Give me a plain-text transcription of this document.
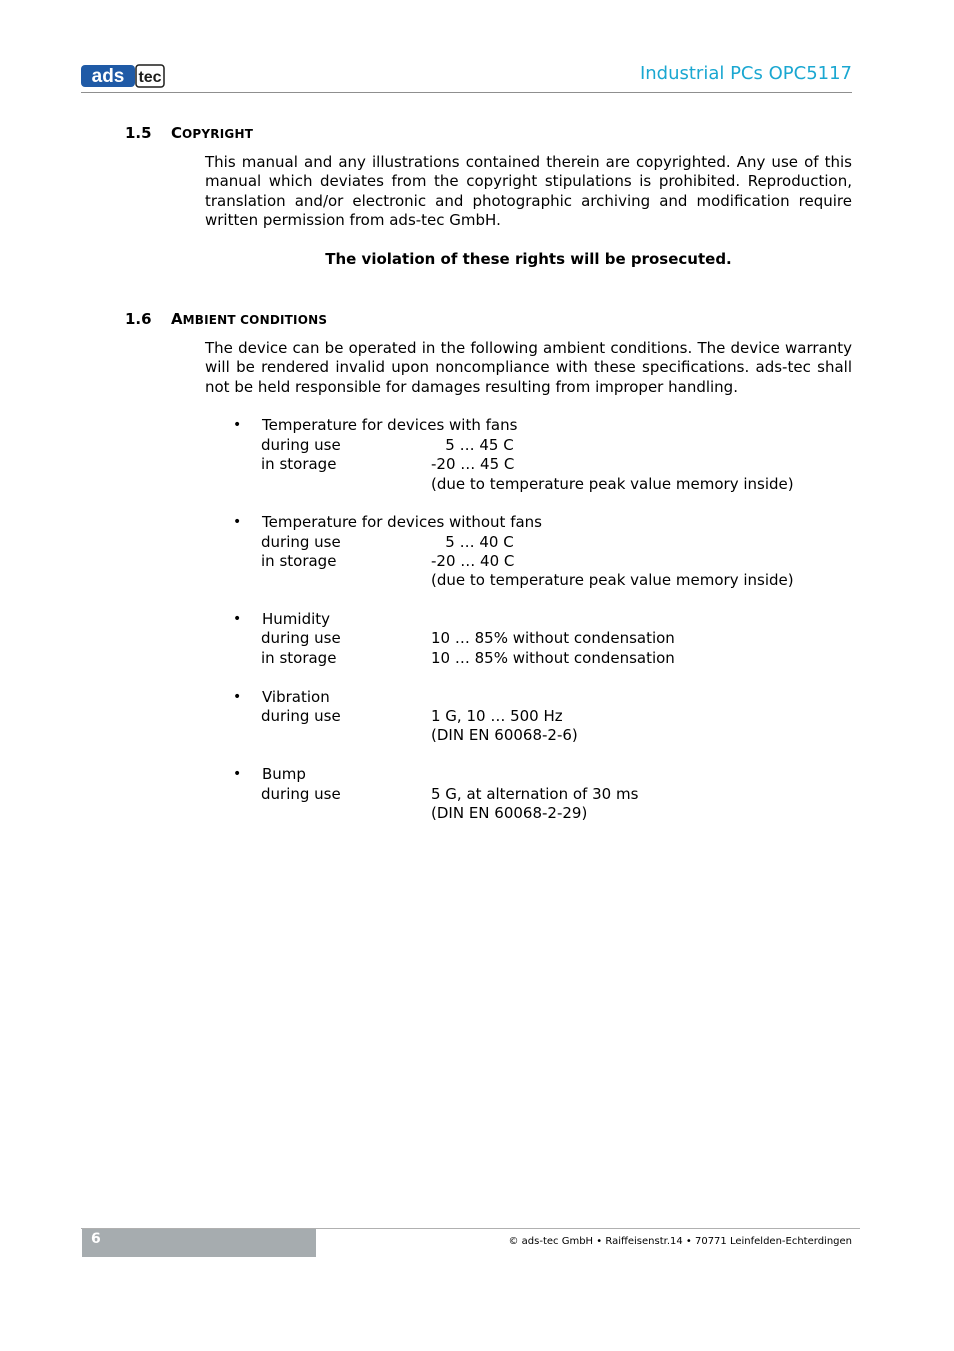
ads tec	Industrial PCs OPC5117
1.5 COPYRIGHT
This manual and any illustrations contained therein are copyrighted. Any use of this manual which deviates from the copyright stipulations is prohibited. Reproduction, translation and/or electronic and photographic archiving and modification require written permission from ads-tec GmbH.
The violation of these rights will be prosecuted.
1.6 AMBIENT CONDITIONS
The device can be operated in the following ambient conditions. The device warranty will be rendered invalid upon noncompliance with these specifications. ads-tec shall not be held responsible for damages resulting from improper handling.
• Temperature for devices with fans
during use	5 … 45 C
in storage	-20 … 45 C
(due to temperature peak value memory inside)
• Temperature for devices without fans
during use	5 … 40 C
in storage	-20 … 40 C
(due to temperature peak value memory inside)
• Humidity
during use	10 … 85% without condensation
in storage	10 … 85% without condensation
• Vibration
during use	1 G, 10 … 500 Hz
(DIN EN 60068-2-6)
• Bump
during use	5 G, at alternation of 30 ms
(DIN EN 60068-2-29)
6	© ads-tec GmbH • Raiffeisenstr.14 • 70771 Leinfelden-Echterdingen
